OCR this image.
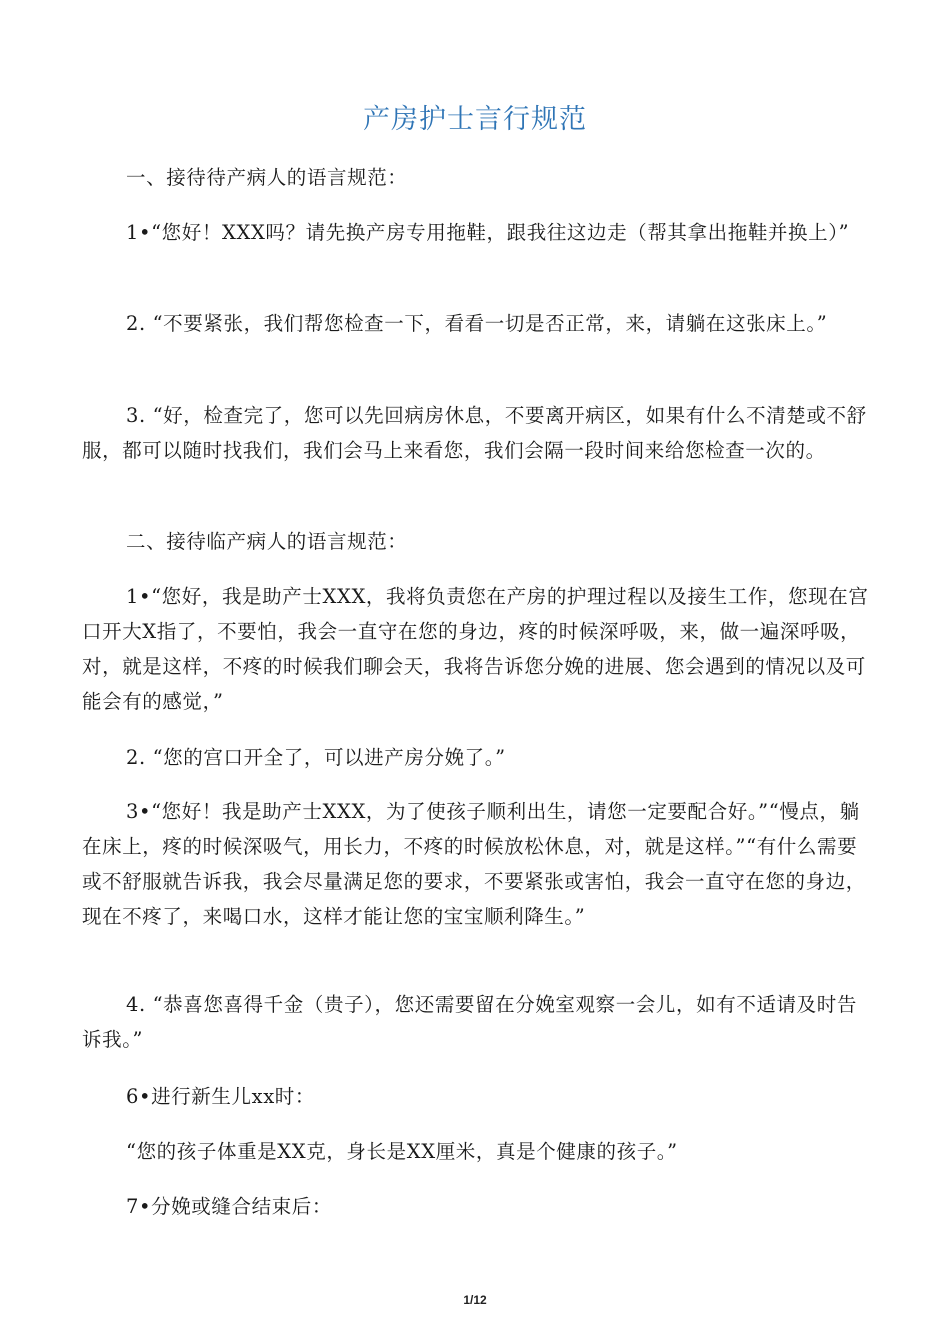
产房护士言行规范
一、接待待产病人的语言规范：
1•“您好！XXX吗？请先换产房专用拖鞋，跟我往这边走（帮其拿出拖鞋并换上）”
2. “不要紧张，我们帮您检查一下，看看一切是否正常，来，请躺在这张床上。”
3. “好，检查完了，您可以先回病房休息，不要离开病区，如果有什么不清楚或不舒服，都可以随时找我们，我们会马上来看您，我们会隔一段时间来给您检查一次的。
二、接待临产病人的语言规范：
1•“您好，我是助产士XXX，我将负责您在产房的护理过程以及接生工作，您现在宫口开大X指了，不要怕，我会一直守在您的身边，疼的时候深呼吸，来，做一遍深呼吸，对，就是这样，不疼的时候我们聊会天，我将告诉您分娩的进展、您会遇到的情况以及可能会有的感觉，”
2. “您的宫口开全了，可以进产房分娩了。”
3•“您好！我是助产士XXX，为了使孩子顺利出生，请您一定要配合好。”“慢点，躺在床上，疼的时候深吸气，用长力，不疼的时候放松休息，对，就是这样。”“有什么需要或不舒服就告诉我，我会尽量满足您的要求，不要紧张或害怕，我会一直守在您的身边，现在不疼了，来喝口水，这样才能让您的宝宝顺利降生。”
4. “恭喜您喜得千金（贵子），您还需要留在分娩室观察一会儿，如有不适请及时告诉我。”
6•进行新生儿xx时：
“您的孩子体重是XX克，身长是XX厘米，真是个健康的孩子。”
7•分娩或缝合结束后：
1/12
